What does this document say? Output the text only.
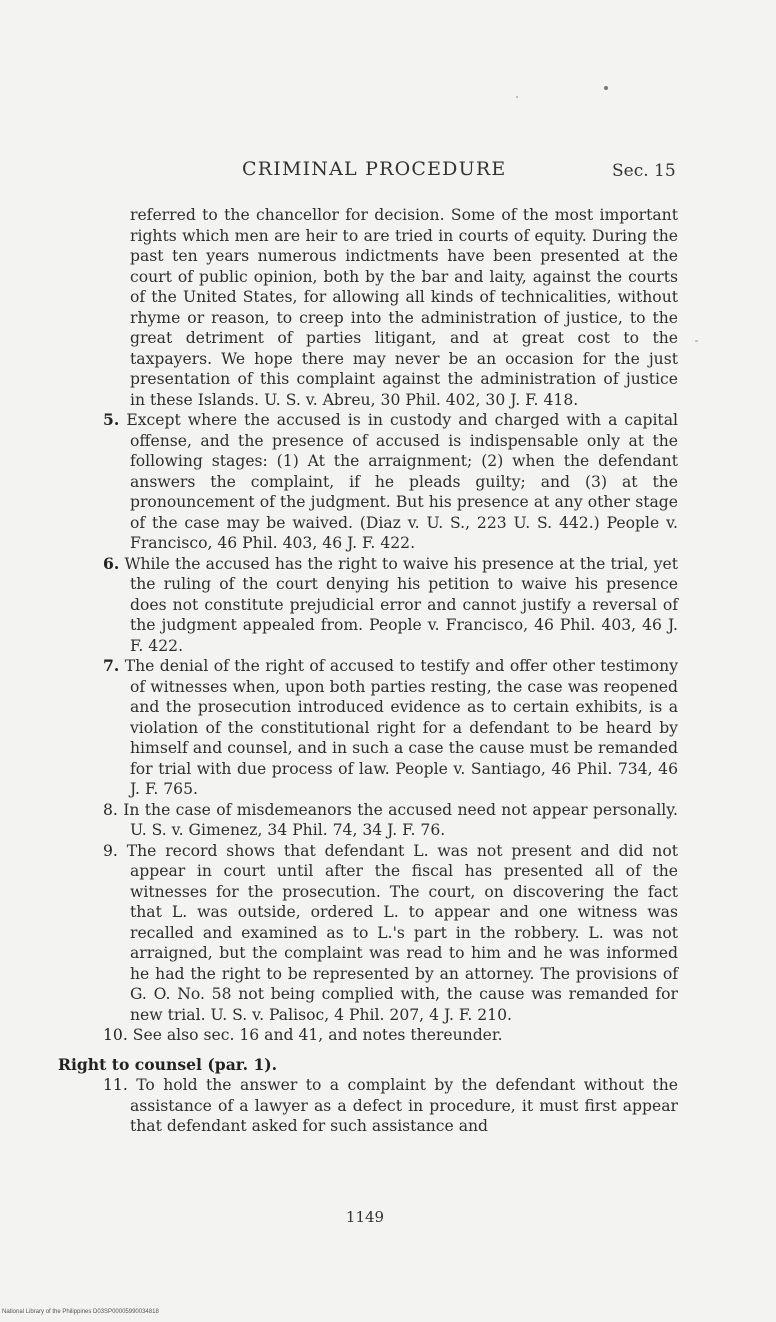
CRIMINAL PROCEDURE	Sec. 15

referred to the chancellor for decision. Some of the most important rights which men are heir to are tried in courts of equity. During the past ten years numerous indictments have been presented at the court of public opinion, both by the bar and laity, against the courts of the United States, for allowing all kinds of technicalities, without rhyme or reason, to creep into the administration of justice, to the great detriment of parties litigant, and at great cost to the taxpayers. We hope there may never be an occasion for the just presentation of this complaint against the administration of justice in these Islands. U. S. v. Abreu, 30 Phil. 402, 30 J. F. 418.

5. Except where the accused is in custody and charged with a capital offense, and the presence of accused is indispensable only at the following stages: (1) At the arraignment; (2) when the defendant answers the complaint, if he pleads guilty; and (3) at the pronouncement of the judgment. But his presence at any other stage of the case may be waived. (Diaz v. U. S., 223 U. S. 442.) People v. Francisco, 46 Phil. 403, 46 J. F. 422.

6. While the accused has the right to waive his presence at the trial, yet the ruling of the court denying his petition to waive his presence does not constitute prejudicial error and cannot justify a reversal of the judgment appealed from. People v. Francisco, 46 Phil. 403, 46 J. F. 422.

7. The denial of the right of accused to testify and offer other testimony of witnesses when, upon both parties resting, the case was reopened and the prosecution introduced evidence as to certain exhibits, is a violation of the constitutional right for a defendant to be heard by himself and counsel, and in such a case the cause must be remanded for trial with due process of law. People v. Santiago, 46 Phil. 734, 46 J. F. 765.

8. In the case of misdemeanors the accused need not appear personally. U. S. v. Gimenez, 34 Phil. 74, 34 J. F. 76.

9. The record shows that defendant L. was not present and did not appear in court until after the fiscal has presented all of the witnesses for the prosecution. The court, on discovering the fact that L. was outside, ordered L. to appear and one witness was recalled and examined as to L.'s part in the robbery. L. was not arraigned, but the complaint was read to him and he was informed he had the right to be represented by an attorney. The provisions of G. O. No. 58 not being complied with, the cause was remanded for new trial. U. S. v. Palisoc, 4 Phil. 207, 4 J. F. 210.

10. See also sec. 16 and 41, and notes thereunder.

Right to counsel (par. 1).

11. To hold the answer to a complaint by the defendant without the assistance of a lawyer as a defect in procedure, it must first appear that defendant asked for such assistance and

1149
National Library of the Philippines D03SP00005990034818
